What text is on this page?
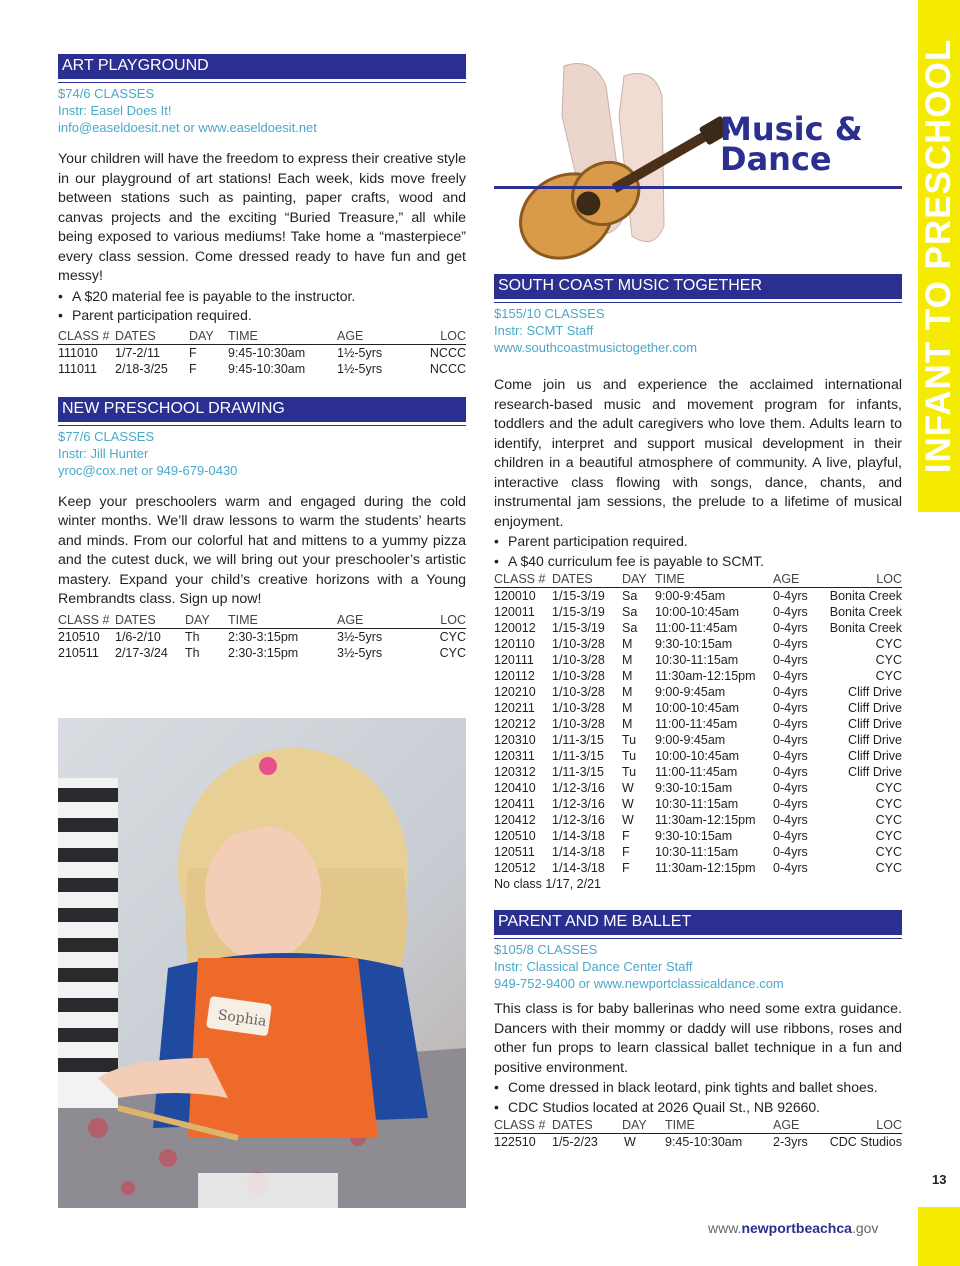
INFANT TO PRESCHOOL
ART PLAYGROUND
$74/6 CLASSES
Instr: Easel Does It!
info@easeldoesit.net or www.easeldoesit.net
Your children will have the freedom to express their creative style in our playground of art stations! Each week, kids move freely between stations such as painting, paper crafts, wood and canvas projects and the exciting “Buried Treasure,” all while being exposed to various mediums! Take home a “masterpiece” every class session. Come dressed ready to have fun and get messy!
• A $20 material fee is payable to the instructor.
• Parent participation required.
CLASS #	DATES	DAY	TIME	AGE	LOC
111010	1/7-2/11	F	9:45-10:30am	1½-5yrs	NCCC
111011	2/18-3/25	F	9:45-10:30am	1½-5yrs	NCCC
NEW PRESCHOOL DRAWING
$77/6 CLASSES
Instr: Jill Hunter
yroc@cox.net or 949-679-0430
Keep your preschoolers warm and engaged during the cold winter months. We’ll draw lessons to warm the students’ hearts and minds. From our colorful hat and mittens to a yummy pizza and the cutest duck, we will bring out your preschooler’s artistic mastery. Expand your child’s creative horizons with a Young Rembrandts class. Sign up now!
CLASS #	DATES	DAY	TIME	AGE	LOC
210510	1/6-2/10	Th	2:30-3:15pm	3½-5yrs	CYC
210511	2/17-3/24	Th	2:30-3:15pm	3½-5yrs	CYC
Sophia
Music &
Dance
SOUTH COAST MUSIC TOGETHER
$155/10 CLASSES
Instr: SCMT Staff
www.southcoastmusictogether.com
Come join us and experience the acclaimed international research-based music and movement program for infants, toddlers and the adult caregivers who love them. Adults learn to identify, interpret and support musical development in their children in a beautiful atmosphere of community. A live, playful, interactive class flowing with songs, dance, chants, and instrumental jam sessions, the prelude to a lifetime of musical enjoyment.
• Parent participation required.
• A $40 curriculum fee is payable to SCMT.
CLASS #	DATES	DAY	TIME	AGE	LOC
120010	1/15-3/19	Sa	9:00-9:45am	0-4yrs	Bonita Creek
120011	1/15-3/19	Sa	10:00-10:45am	0-4yrs	Bonita Creek
120012	1/15-3/19	Sa	11:00-11:45am	0-4yrs	Bonita Creek
120110	1/10-3/28	M	9:30-10:15am	0-4yrs	CYC
120111	1/10-3/28	M	10:30-11:15am	0-4yrs	CYC
120112	1/10-3/28	M	11:30am-12:15pm	0-4yrs	CYC
120210	1/10-3/28	M	9:00-9:45am	0-4yrs	Cliff Drive
120211	1/10-3/28	M	10:00-10:45am	0-4yrs	Cliff Drive
120212	1/10-3/28	M	11:00-11:45am	0-4yrs	Cliff Drive
120310	1/11-3/15	Tu	9:00-9:45am	0-4yrs	Cliff Drive
120311	1/11-3/15	Tu	10:00-10:45am	0-4yrs	Cliff Drive
120312	1/11-3/15	Tu	11:00-11:45am	0-4yrs	Cliff Drive
120410	1/12-3/16	W	9:30-10:15am	0-4yrs	CYC
120411	1/12-3/16	W	10:30-11:15am	0-4yrs	CYC
120412	1/12-3/16	W	11:30am-12:15pm	0-4yrs	CYC
120510	1/14-3/18	F	9:30-10:15am	0-4yrs	CYC
120511	1/14-3/18	F	10:30-11:15am	0-4yrs	CYC
120512	1/14-3/18	F	11:30am-12:15pm	0-4yrs	CYC
No class 1/17, 2/21
PARENT AND ME BALLET
$105/8 CLASSES
Instr: Classical Dance Center Staff
949-752-9400 or www.newportclassicaldance.com
This class is for baby ballerinas who need some extra guidance. Dancers with their mommy or daddy will use ribbons, roses and other fun props to learn classical ballet technique in a fun and positive environment.
• Come dressed in black leotard, pink tights and ballet shoes.
• CDC Studios located at 2026 Quail St., NB 92660.
CLASS #	DATES	DAY	TIME	AGE	LOC
122510	1/5-2/23	W	9:45-10:30am	2-3yrs	CDC Studios
13
www.newportbeachca.gov
